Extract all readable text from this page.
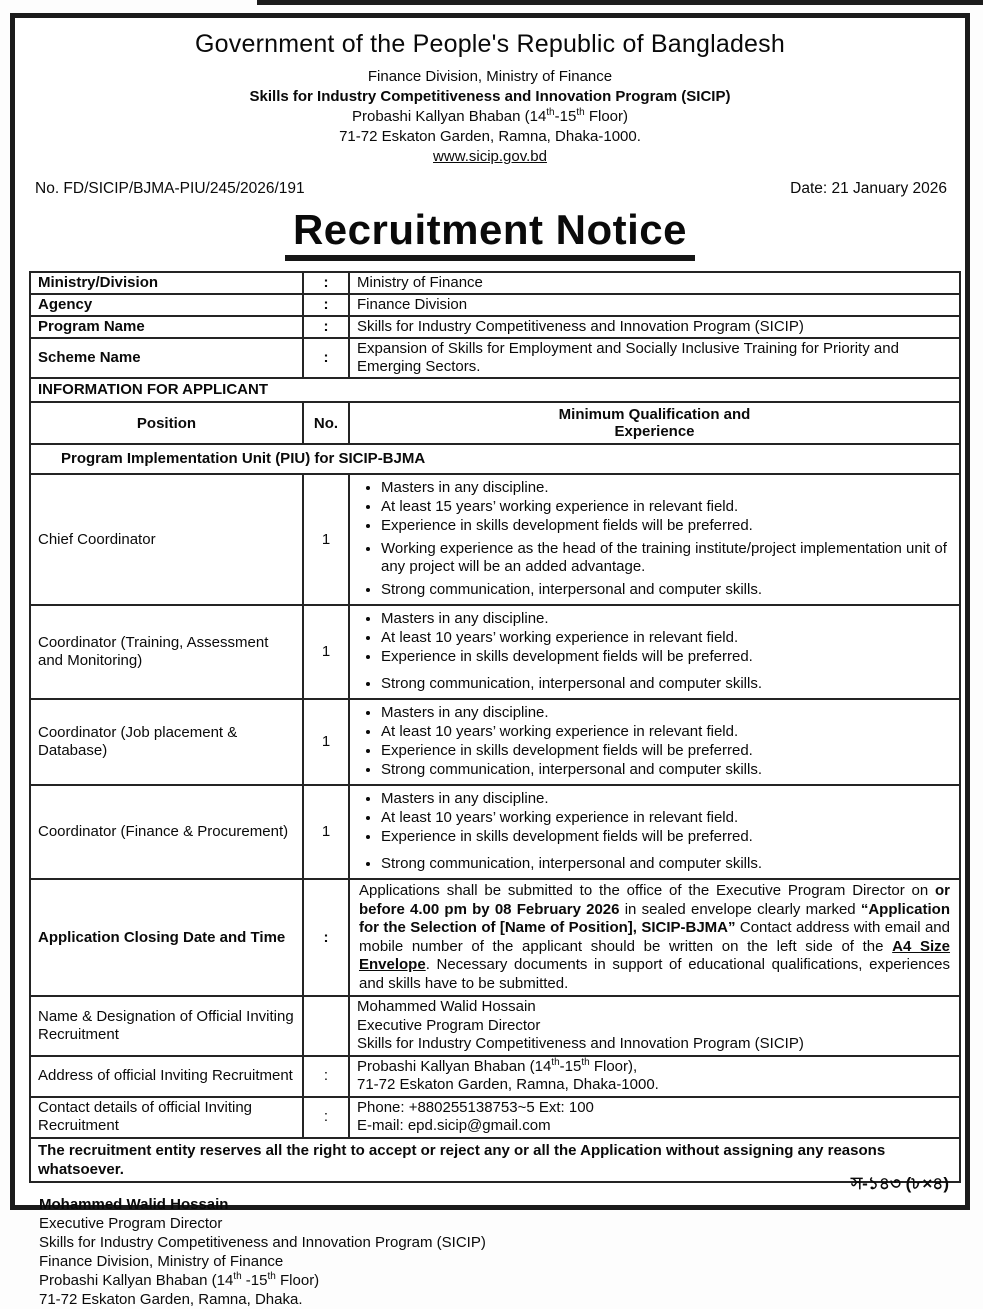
Government of the People's Republic of Bangladesh
Finance Division, Ministry of Finance
Skills for Industry Competitiveness and Innovation Program (SICIP)
Probashi Kallyan Bhaban (14th-15th Floor)
71-72 Eskaton Garden, Ramna, Dhaka-1000.
www.sicip.gov.bd
No. FD/SICIP/BJMA-PIU/245/2026/191	Date: 21 January 2026
Recruitment Notice
Ministry/Division	:	Ministry of Finance
Agency	:	Finance Division
Program Name	:	Skills for Industry Competitiveness and Innovation Program (SICIP)
Scheme Name	:	Expansion of Skills for Employment and Socially Inclusive Training for Priority and Emerging Sectors.
INFORMATION FOR APPLICANT		
Position	No.	Minimum Qualification and
Experience

Program Implementation Unit (PIU) for SICIP-BJMA		
Chief Coordinator	1	
• Masters in any discipline.
• At least 15 years’ working experience in relevant field.
• Experience in skills development fields will be preferred.
• Working experience as the head of the training institute/project implementation unit of any project will be an added advantage.
• Strong communication, interpersonal and computer skills.

Coordinator (Training, Assessment and Monitoring)	1	
• Masters in any discipline.
• At least 10 years’ working experience in relevant field.
• Experience in skills development fields will be preferred.
• Strong communication, interpersonal and computer skills.

Coordinator (Job placement & Database)	1	
• Masters in any discipline.
• At least 10 years’ working experience in relevant field.
• Experience in skills development fields will be preferred.
• Strong communication, interpersonal and computer skills.

Coordinator (Finance & Procurement)	1	
• Masters in any discipline.
• At least 10 years’ working experience in relevant field.
• Experience in skills development fields will be preferred.
• Strong communication, interpersonal and computer skills.

Application Closing Date and Time	:	Applications shall be submitted to the office of the Executive Program Director on or before 4.00 pm by 08 February 2026 in sealed envelope clearly marked “Application for the Selection of [Name of Position], SICIP-BJMA” Contact address with email and mobile number of the applicant should be written on the left side of the A4 Size Envelope. Necessary documents in support of educational qualifications, experiences and skills have to be submitted.

Name & Designation of Official Inviting Recruitment		Mohammed Walid Hossain
Executive Program Director
Skills for Industry Competitiveness and Innovation Program (SICIP)

Address of official Inviting Recruitment	:	Probashi Kallyan Bhaban (14th-15th Floor),
71-72 Eskaton Garden, Ramna, Dhaka-1000.

Contact details of official Inviting Recruitment	:	Phone: +880255138753~5 Ext: 100
E-mail: epd.sicip@gmail.com

The recruitment entity reserves all the right to accept or reject any or all the Application without assigning any reasons whatsoever.		
Mohammed Walid Hossain
Executive Program Director
Skills for Industry Competitiveness and Innovation Program (SICIP)
Finance Division, Ministry of Finance
Probashi Kallyan Bhaban (14th -15th Floor)
71-72 Eskaton Garden, Ramna, Dhaka.
স-১৪৩ (৮×৪)
